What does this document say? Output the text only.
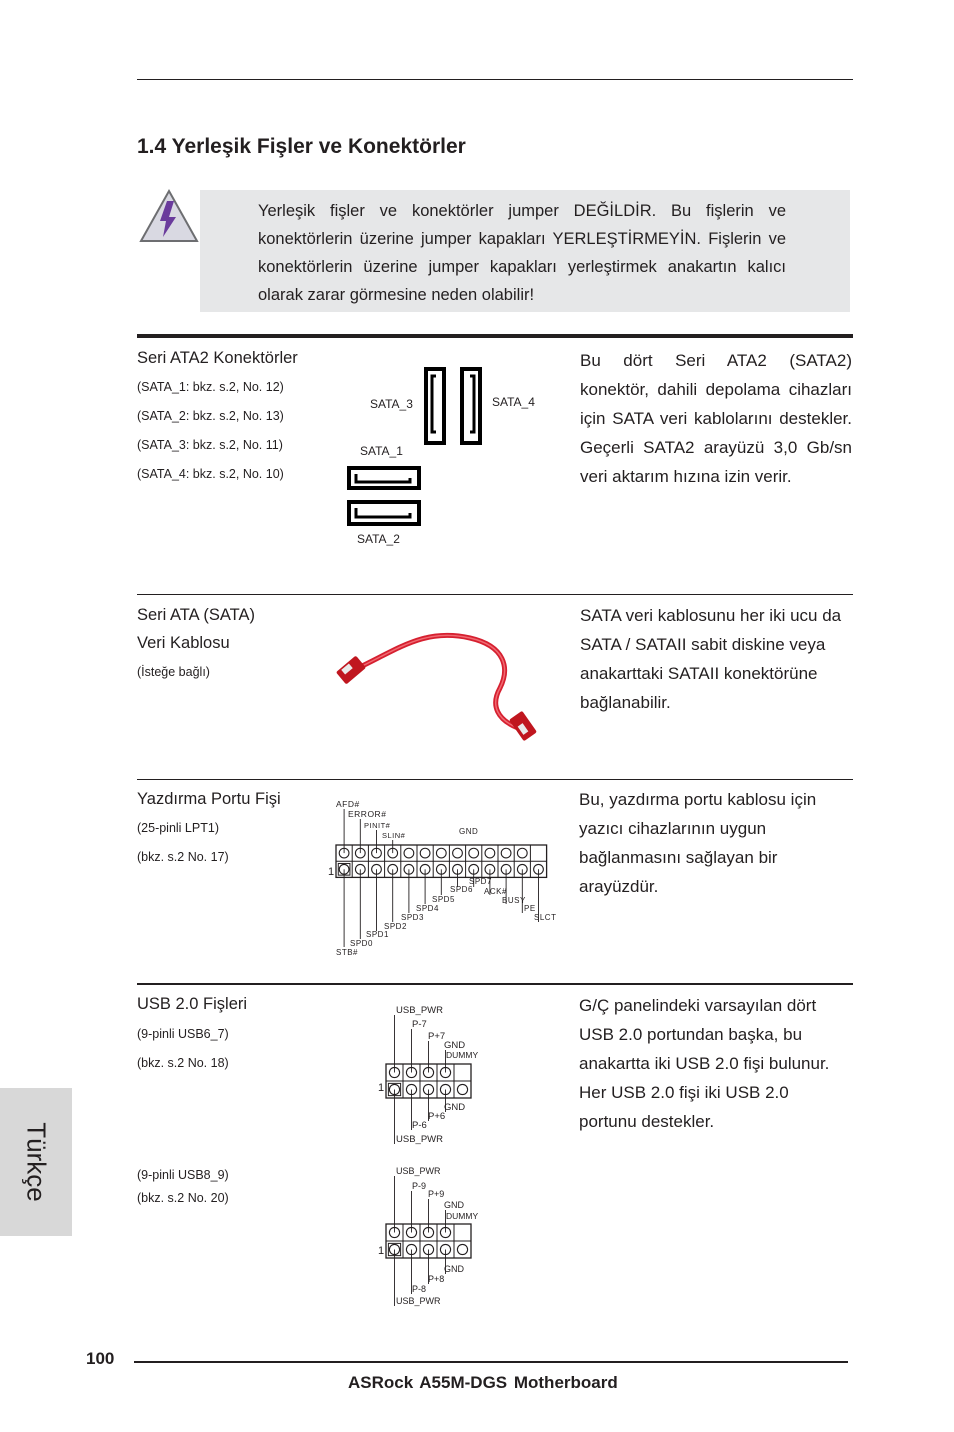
1.4 Yerleşik Fişler ve Konektörler
Yerleşik fişler ve konektörler jumper DEĞİLDİR. Bu fişlerin ve konektörlerin üzerine jumper kapakları YERLEŞTİRMEYİN. Fişlerin ve konektörlerin üzerine jumper kapakları yerleştirmek anakartın kalıcı olarak zarar görmesine neden olabilir!
Seri ATA2 Konektörler
(SATA_1: bkz. s.2, No. 12)
(SATA_2: bkz. s.2, No. 13)
(SATA_3: bkz. s.2, No. 11)
(SATA_4: bkz. s.2, No. 10)
SATA_3	SATA_4
SATA_1
SATA_2
Bu dört Seri ATA2 (SATA2) konektör, dahili depolama cihazları için SATA veri kablolarını destekler. Geçerli SATA2 arayüzü 3,0 Gb/sn veri aktarım hızına izin verir.
Seri ATA (SATA)
Veri Kablosu
(İsteğe bağlı)
SATA veri kablosunu her iki ucu da SATA / SATAII sabit diskine veya anakarttaki SATAII konektörüne bağlanabilir.
Yazdırma Portu Fişi
(25-pinli LPT1)
(bkz. s.2 No. 17)
AFD#
ERROR#
PINIT#
SLIN#	GND
SPD7
SPD6 ACK#
SPD5	BUSY
SPD4	PE
SPD3	SLCT
SPD2
SPD1
SPD0
STB#
1
Bu, yazdırma portu kablosu için yazıcı cihazlarının uygun bağlanmasını sağlayan bir arayüzdür.
USB 2.0 Fişleri
(9-pinli USB6_7)
(bkz. s.2 No. 18)
(9-pinli USB8_9)
(bkz. s.2 No. 20)
USB_PWR
P-7
P+7
GND
DUMMY
GND
P+6
P-6
USB_PWR
1
USB_PWR
P-9
P+9
GND
DUMMY
GND
P+8
P-8
USB_PWR
1
G/Ç panelindeki varsayılan dört USB 2.0 portundan başka, bu anakartta iki USB 2.0 fişi bulunur. Her USB 2.0 fişi iki USB 2.0 portunu destekler.
Türkçe
100
ASRock A55M-DGS Motherboard
